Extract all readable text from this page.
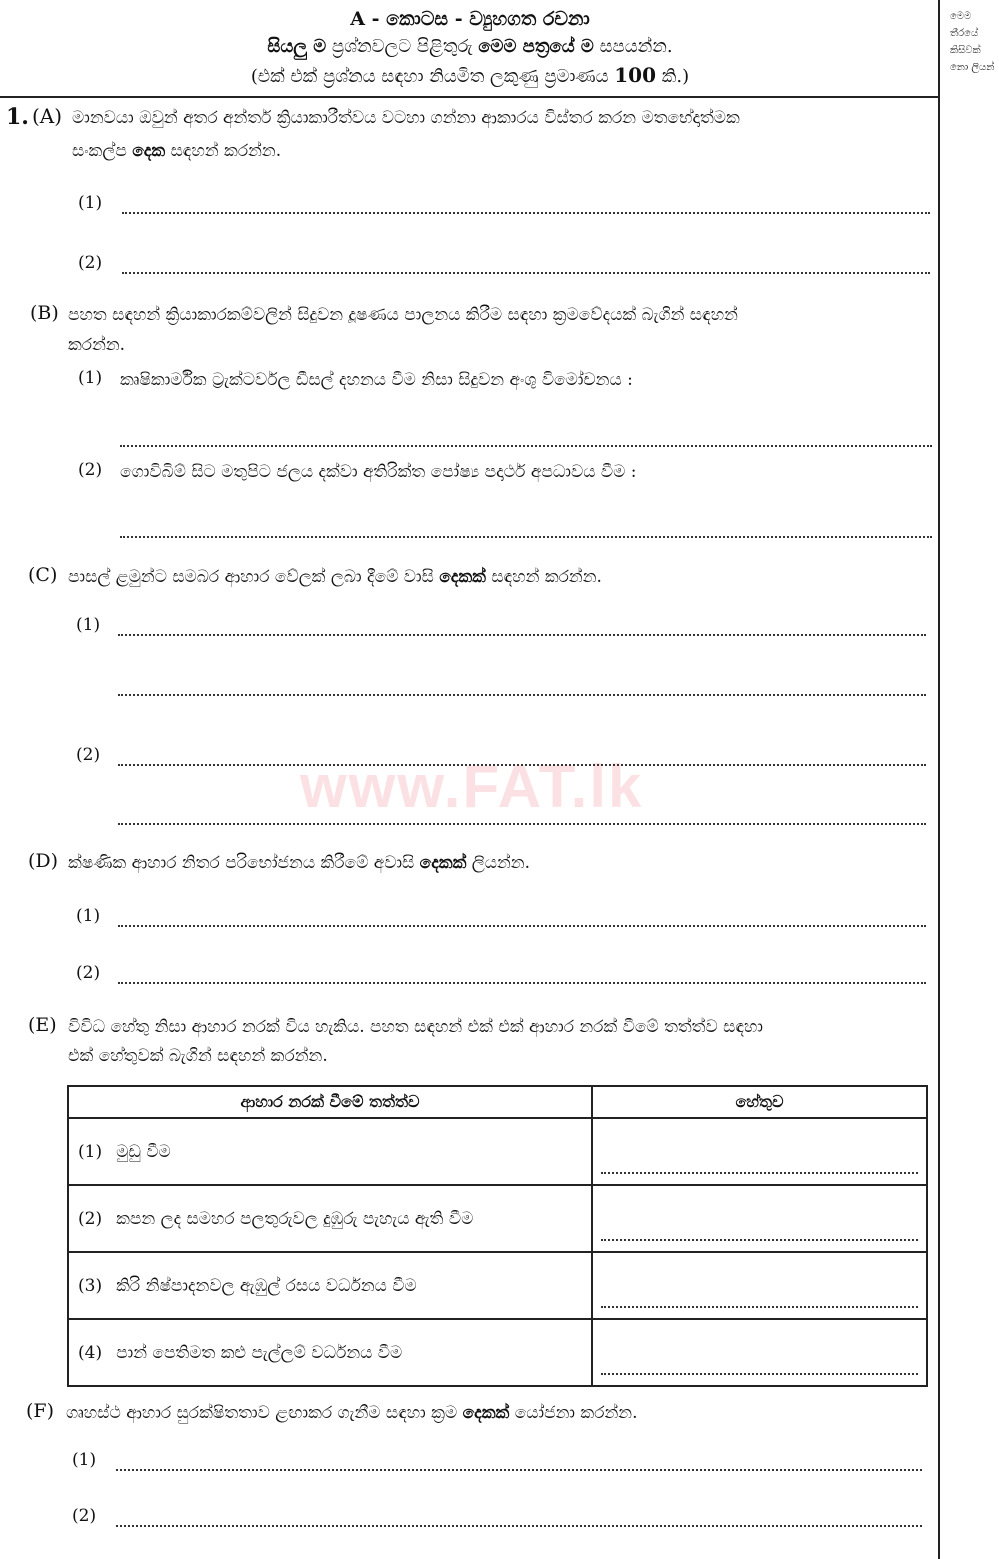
www.FAT.lk
මෙම
තීරයේ
කිසිවක්
නො ලියන්
A - කොටස - ව්‍යුහගත රචනා
සියලු ම ප්‍රශ්නවලට පිළිතුරු මෙම පත්‍රයේ ම සපයන්න.
(එක් එක් ප්‍රශ්නය සඳහා නියමිත ලකුණු ප්‍රමාණය 100 කි.)
1. (A) මානවයා ඔවුන් අතර අන්තර් ක්‍රියාකාරීත්වය වටහා ගන්නා ආකාරය විස්තර කරන මතභේදාත්මක
සංකල්ප දෙක සඳහන් කරන්න.
(1)
(2)
(B) පහත සඳහන් ක්‍රියාකාරකම්වලින් සිදුවන දූෂණය පාලනය කිරීම සඳහා ක්‍රමවේදයක් බැගින් සඳහන්
කරන්න.
(1) කෘෂිකාර්මික ට්‍රැක්ටර්වල ඩීසල් දහනය වීම නිසා සිදුවන අංශු විමෝචනය :
(2) ගොවිබිම් සිට මතුපිට ජලය දක්වා අතිරික්ත පෝෂ්‍ය පදාර්ථ අපධාවය වීම :
(C) පාසල් ළමුන්ට සමබර ආහාර වේලක් ලබා දීමේ වාසි දෙකක් සඳහන් කරන්න.
(1)
(2)
(D) ක්ෂණික ආහාර නිතර පරිභෝජනය කිරීමේ අවාසි දෙකක් ලියන්න.
(1)
(2)
(E) විවිධ හේතු නිසා ආහාර නරක් විය හැකිය. පහත සඳහන් එක් එක් ආහාර නරක් වීමේ තත්ත්ව සඳහා
එක් හේතුවක් බැගින් සඳහන් කරන්න.
ආහාර නරක් වීමේ තත්ත්ව	හේතුව
(1) මුඩු වීම	

(2) කපන ලද සමහර පලතුරුවල දුඹුරු පැහැය ඇති වීම	

(3) කිරි නිෂ්පාදනවල ඇඹුල් රසය වර්ධනය වීම	

(4) පාන් පෙතිමත කළු පැල්ලම් වර්ධනය වීම	
(F) ගෘහස්ථ ආහාර සුරක්ෂිතතාව ළඟාකර ගැනීම සඳහා ක්‍රම දෙකක් යෝජනා කරන්න.
(1)
(2)
